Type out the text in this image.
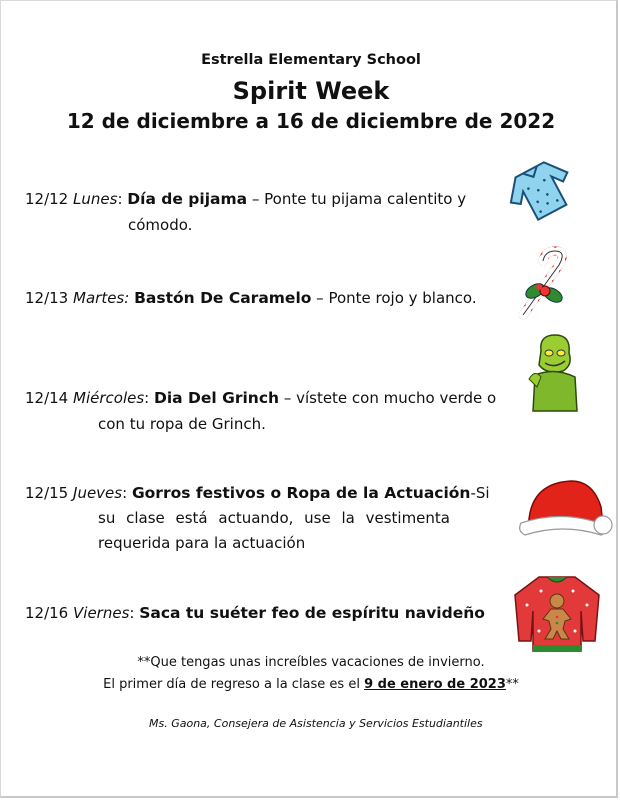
Estrella Elementary School
Spirit Week
12 de diciembre a 16 de diciembre de 2022
12/12 Lunes: Día de pijama – Ponte tu pijama calentito y
cómodo.
12/13 Martes: Bastón De Caramelo – Ponte rojo y blanco.
12/14 Miércoles: Dia Del Grinch – vístete con mucho verde o
con tu ropa de Grinch.
12/15 Jueves: Gorros festivos o Ropa de la Actuación-Si
su clase está actuando, use la vestimenta
requerida para la actuación
12/16 Viernes: Saca tu suéter feo de espíritu navideño
**Que tengas unas increíbles vacaciones de invierno.
El primer día de regreso a la clase es el 9 de enero de 2023**
Ms. Gaona, Consejera de Asistencia y Servicios Estudiantiles
